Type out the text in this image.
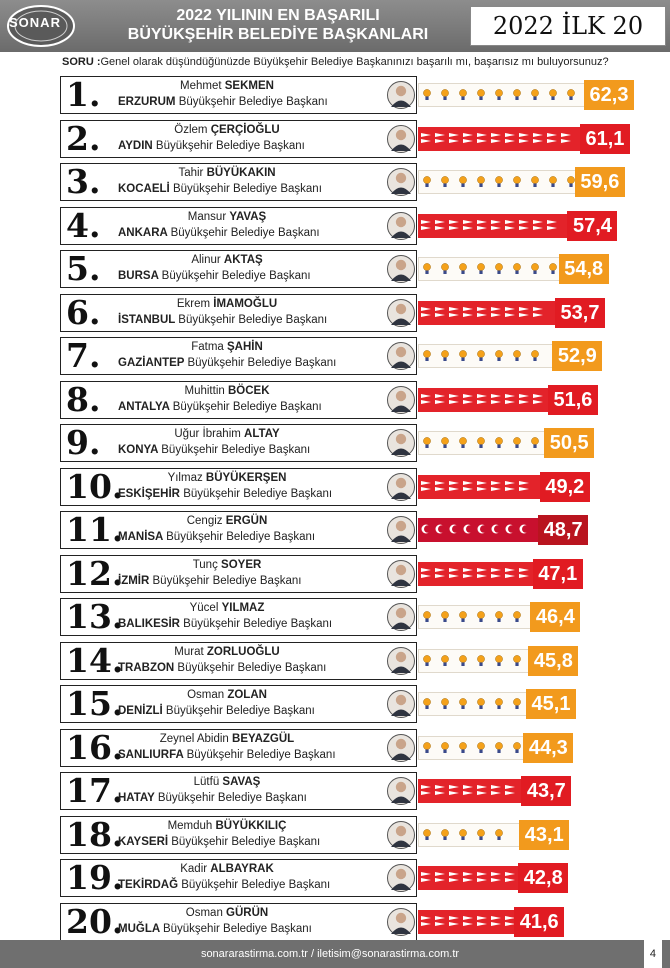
SONAR	2022 YILININ EN BAŞARILI
BÜYÜKŞEHİR BELEDİYE BAŞKANLARI	2022 İLK 20
SORU :Genel olarak düşündüğünüzde Büyükşehir Belediye Başkanınızı başarılı mı, başarısız mı buluyorsunuz?
1.	Mehmet SEKMEN
ERZURUM Büyükşehir Belediye Başkanı	62,3
2.	Özlem ÇERÇİOĞLU
AYDIN Büyükşehir Belediye Başkanı	61,1
3.	Tahir BÜYÜKAKIN
KOCAELİ Büyükşehir Belediye Başkanı	59,6
4.	Mansur YAVAŞ
ANKARA Büyükşehir Belediye Başkanı	57,4
5.	Alinur AKTAŞ
BURSA Büyükşehir Belediye Başkanı	54,8
6.	Ekrem İMAMOĞLU
İSTANBUL Büyükşehir Belediye Başkanı	53,7
7.	Fatma ŞAHİN
GAZİANTEP Büyükşehir Belediye Başkanı	52,9
8.	Muhittin BÖCEK
ANTALYA Büyükşehir Belediye Başkanı	51,6
9.	Uğur İbrahim ALTAY
KONYA Büyükşehir Belediye Başkanı	50,5
10.	Yılmaz BÜYÜKERŞEN
ESKİŞEHİR Büyükşehir Belediye Başkanı	49,2
11.	Cengiz ERGÜN
MANİSA Büyükşehir Belediye Başkanı	48,7
12.	Tunç SOYER
İZMİR Büyükşehir Belediye Başkanı	47,1
13.	Yücel YILMAZ
BALIKESİR Büyükşehir Belediye Başkanı	46,4
14.	Murat ZORLUOĞLU
TRABZON Büyükşehir Belediye Başkanı	45,8
15.	Osman ZOLAN
DENİZLİ Büyükşehir Belediye Başkanı	45,1
16.	Zeynel Abidin BEYAZGÜL
SANLIURFA Büyükşehir Belediye Başkanı	44,3
17.	Lütfü SAVAŞ
HATAY Büyükşehir Belediye Başkanı	43,7
18.	Memduh BÜYÜKKILIÇ
KAYSERİ Büyükşehir Belediye Başkanı	43,1
19.	Kadir ALBAYRAK
TEKİRDAĞ Büyükşehir Belediye Başkanı	42,8
20.	Osman GÜRÜN
MUĞLA Büyükşehir Belediye Başkanı	41,6
sonararastirma.com.tr / iletisim@sonarastirma.com.tr	4
